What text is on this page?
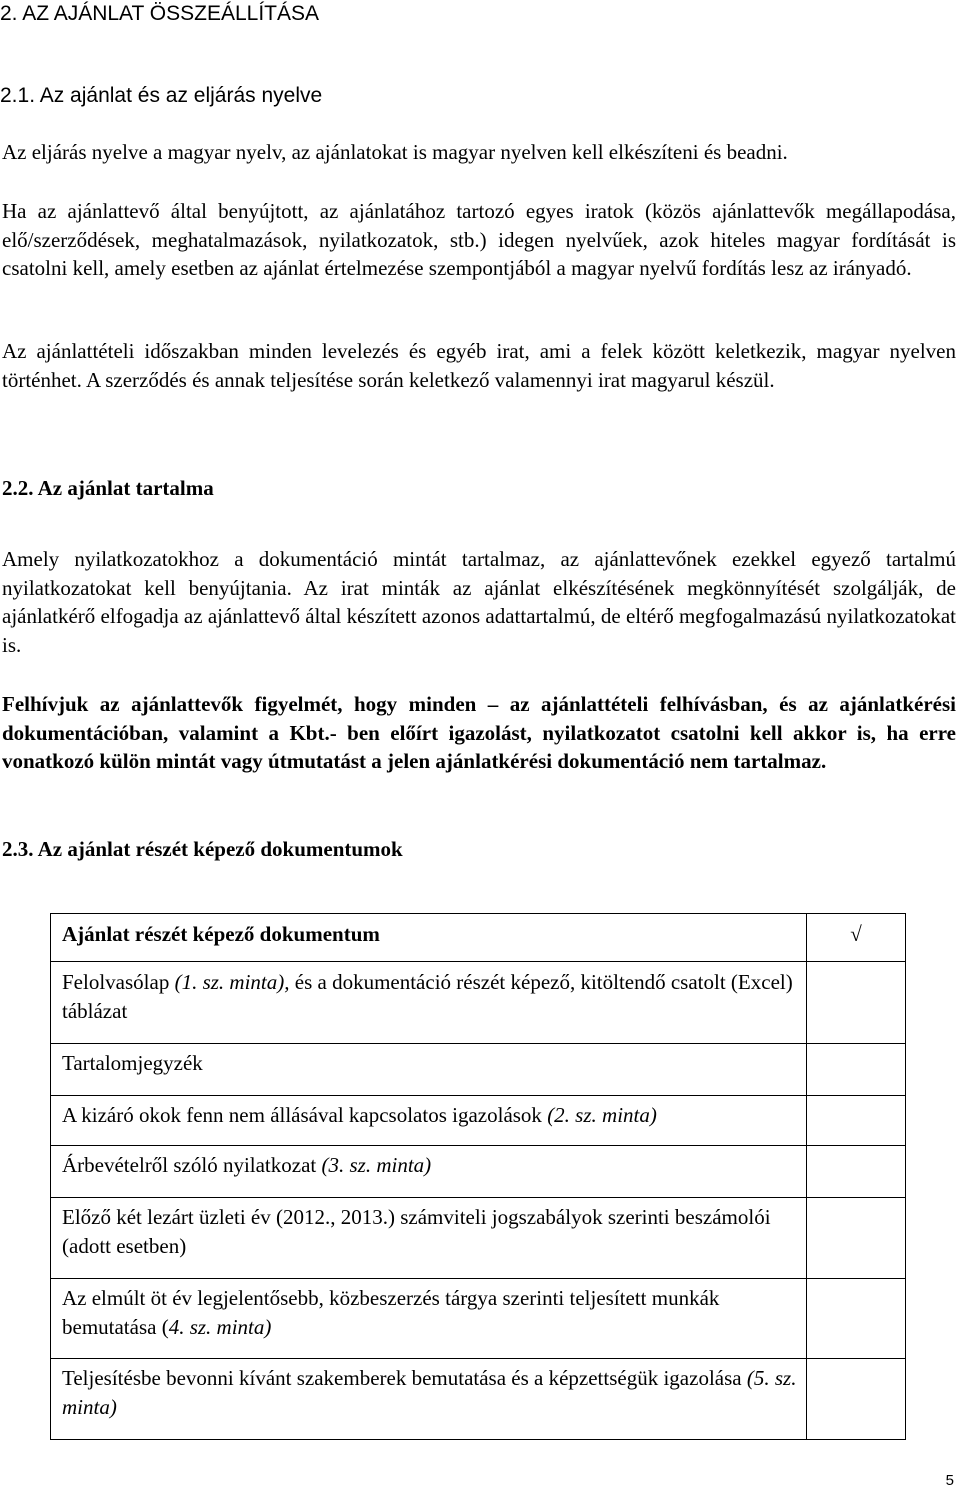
2. AZ AJÁNLAT ÖSSZEÁLLÍTÁSA
2.1. Az ajánlat és az eljárás nyelve
Az eljárás nyelve a magyar nyelv, az ajánlatokat is magyar nyelven kell elkészíteni és beadni.
Ha az ajánlattevő által benyújtott, az ajánlatához tartozó egyes iratok (közös ajánlattevők megállapodása, elő/szerződések, meghatalmazások, nyilatkozatok, stb.) idegen nyelvűek, azok hiteles magyar fordítását is csatolni kell, amely esetben az ajánlat értelmezése szempontjából a magyar nyelvű fordítás lesz az irányadó.
Az ajánlattételi időszakban minden levelezés és egyéb irat, ami a felek között keletkezik, magyar nyelven történhet. A szerződés és annak teljesítése során keletkező valamennyi irat magyarul készül.
2.2. Az ajánlat tartalma
Amely nyilatkozatokhoz a dokumentáció mintát tartalmaz, az ajánlattevőnek ezekkel egyező tartalmú nyilatkozatokat kell benyújtania. Az irat minták az ajánlat elkészítésének megkönnyítését szolgálják, de ajánlatkérő elfogadja az ajánlattevő által készített azonos adattartalmú, de eltérő megfogalmazású nyilatkozatokat is.
Felhívjuk az ajánlattevők figyelmét, hogy minden – az ajánlattételi felhívásban, és az ajánlatkérési dokumentációban, valamint a Kbt.- ben előírt igazolást, nyilatkozatot csatolni kell akkor is, ha erre vonatkozó külön mintát vagy útmutatást a jelen ajánlatkérési dokumentáció nem tartalmaz.
2.3. Az ajánlat részét képező dokumentumok
Ajánlat részét képező dokumentum	√
Felolvasólap (1. sz. minta), és a dokumentáció részét képező, kitöltendő csatolt (Excel) táblázat	
Tartalomjegyzék	
A kizáró okok fenn nem állásával kapcsolatos igazolások (2. sz. minta)	
Árbevételről szóló nyilatkozat (3. sz. minta)	
Előző két lezárt üzleti év (2012., 2013.) számviteli jogszabályok szerinti beszámolói (adott esetben)	
Az elmúlt öt év legjelentősebb, közbeszerzés tárgya szerinti teljesített munkák bemutatása (4. sz. minta)	
Teljesítésbe bevonni kívánt szakemberek bemutatása és a képzettségük igazolása (5. sz. minta)	
5
